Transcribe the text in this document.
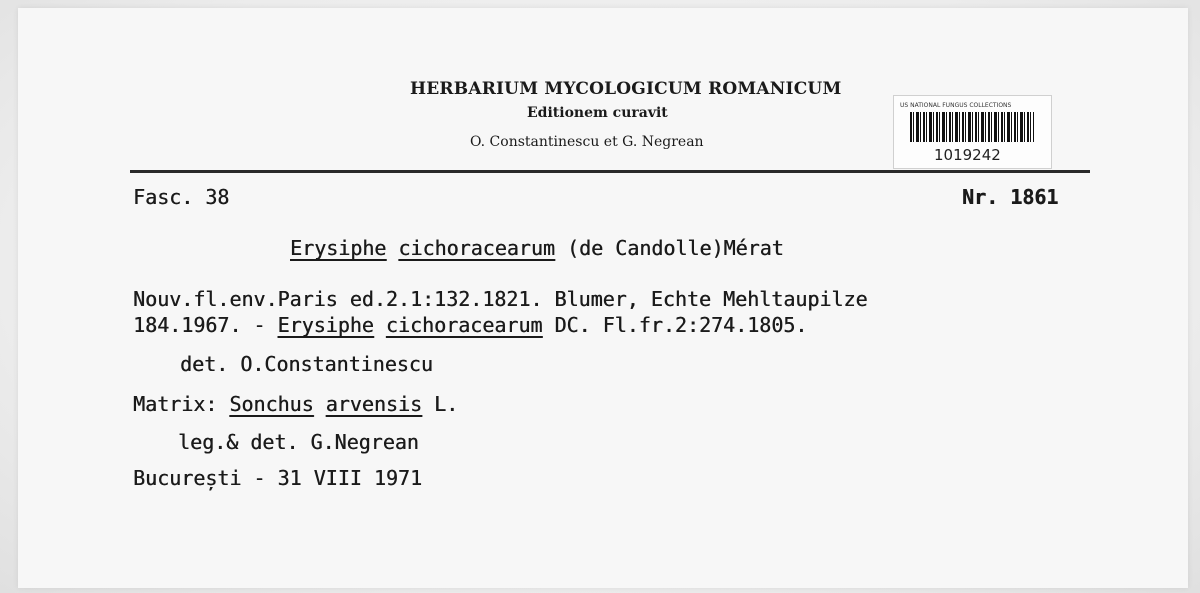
HERBARIUM MYCOLOGICUM ROMANICUM
Editionem curavit
O. Constantinescu et G. Negrean
US NATIONAL FUNGUS COLLECTIONS
1019242
Fasc. 38	Nr. 1861
Erysiphe cichoracearum (de Candolle)Mérat
Nouv.fl.env.Paris ed.2.1:132.1821. Blumer, Echte Mehltaupilze
184.1967. - Erysiphe cichoracearum DC. Fl.fr.2:274.1805.
det. O.Constantinescu
Matrix: Sonchus arvensis L.
leg.& det. G.Negrean
București - 31 VIII 1971
